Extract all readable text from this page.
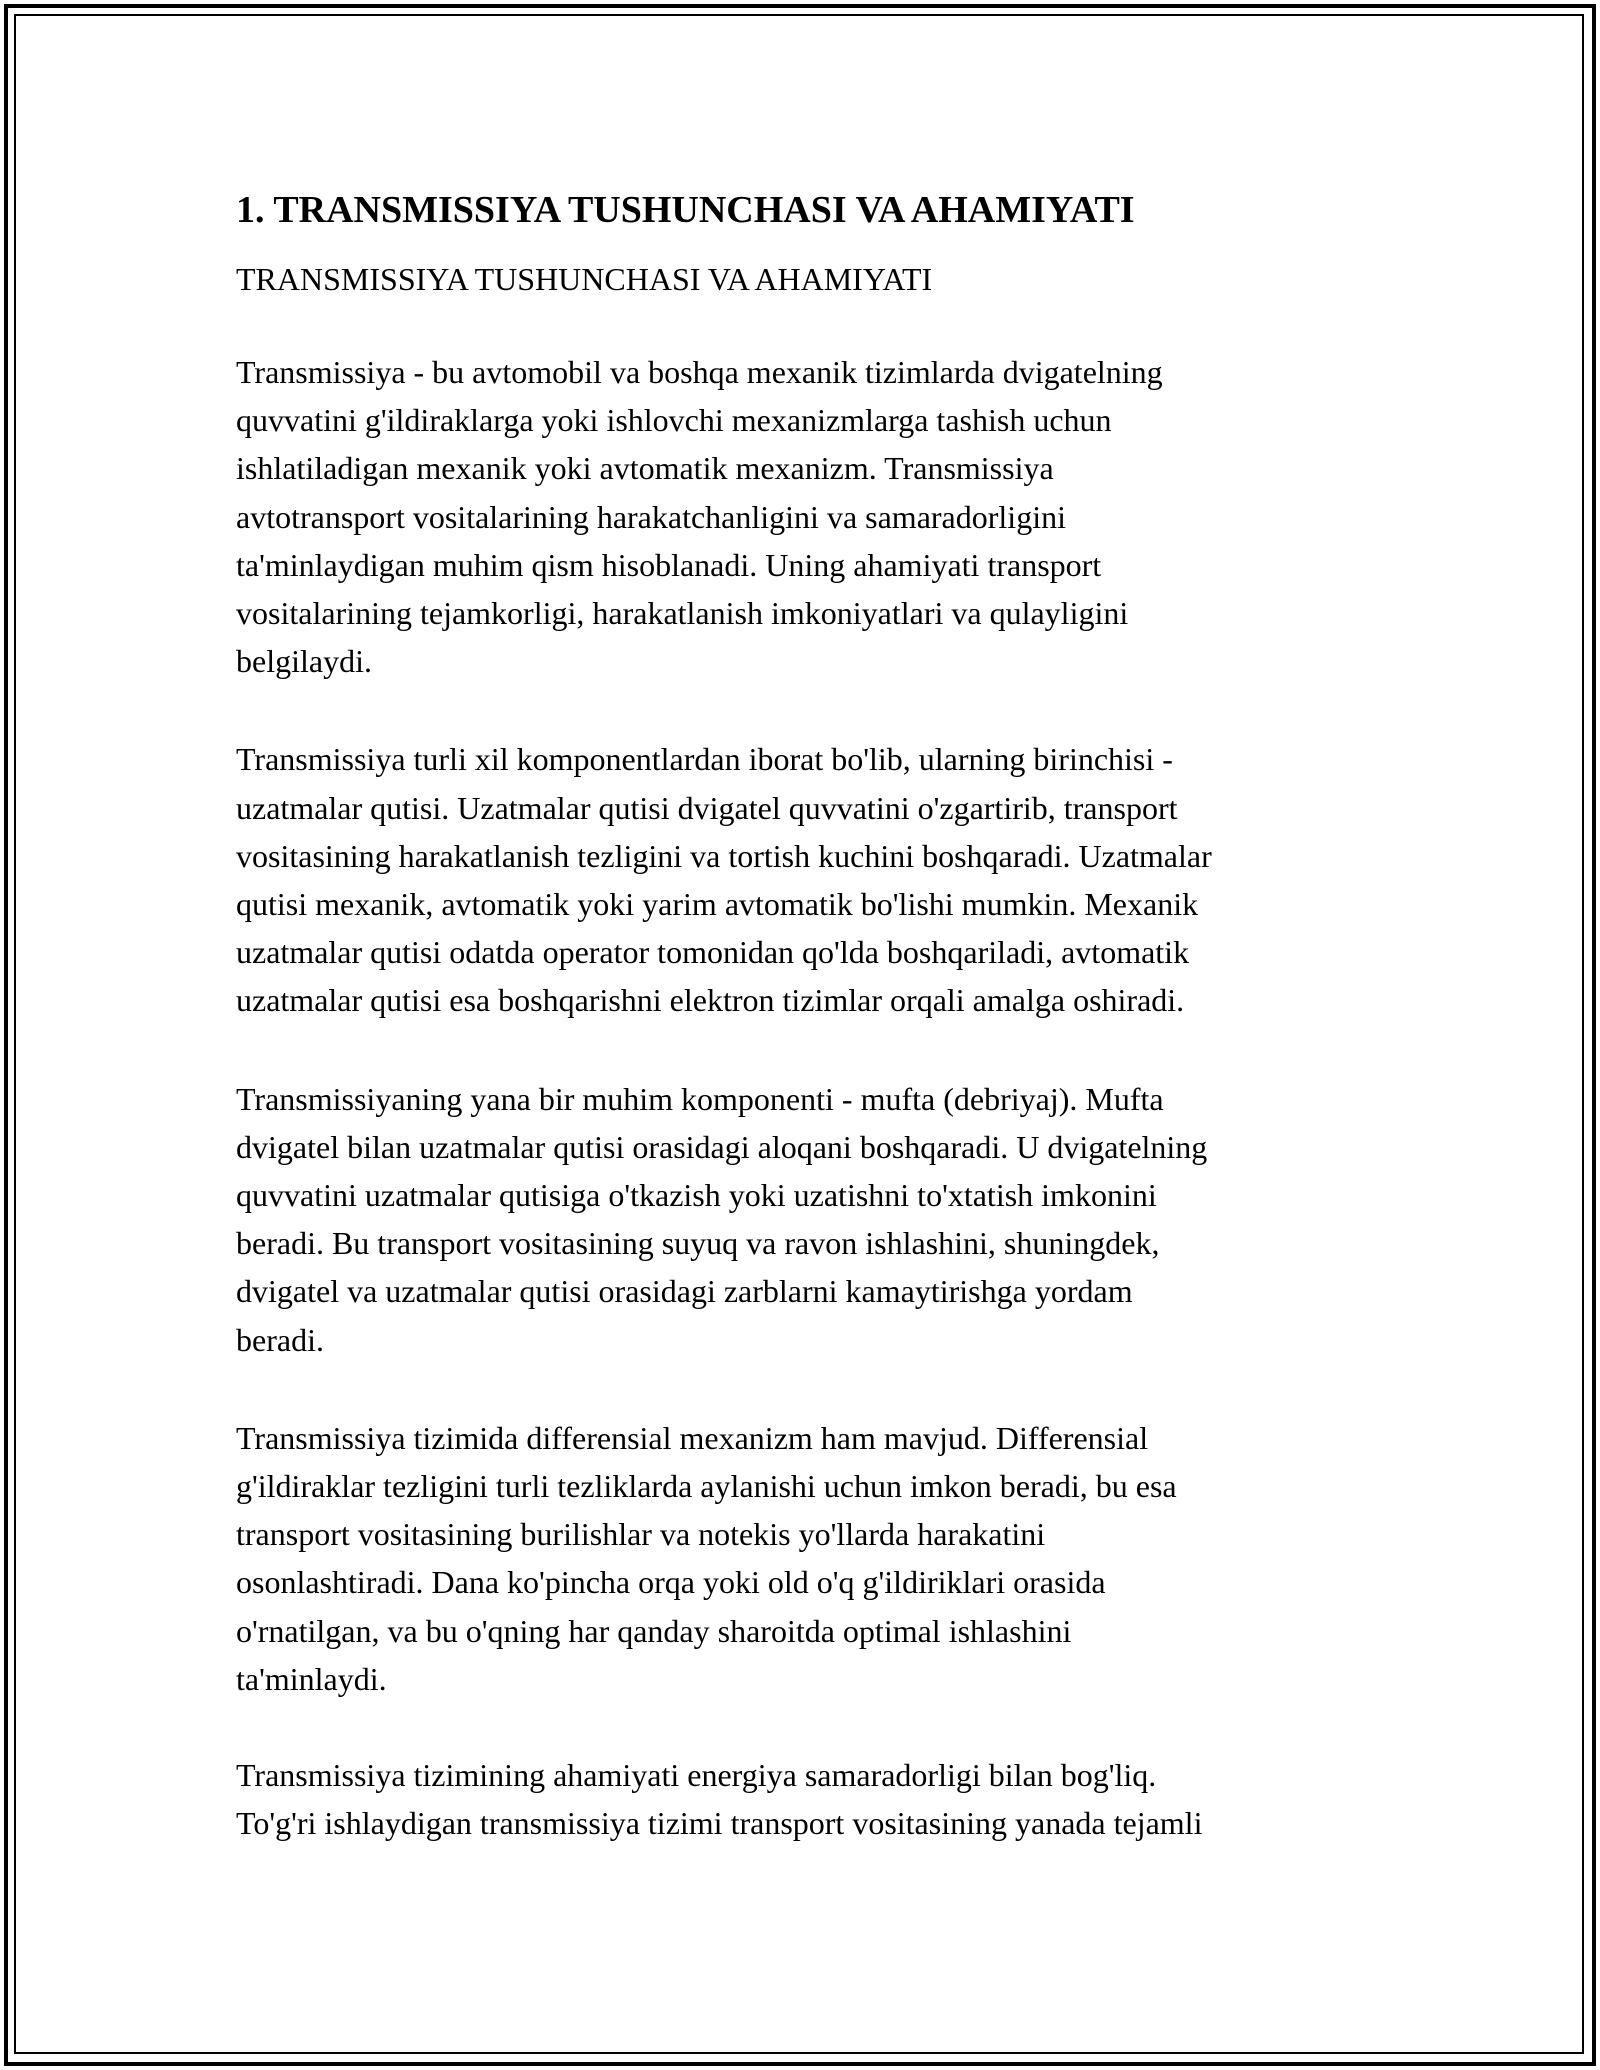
1. TRANSMISSIYA TUSHUNCHASI VA AHAMIYATI
TRANSMISSIYA TUSHUNCHASI VA AHAMIYATI

Transmissiya - bu avtomobil va boshqa mexanik tizimlarda dvigatelning
quvvatini g'ildiraklarga yoki ishlovchi mexanizmlarga tashish uchun
ishlatiladigan mexanik yoki avtomatik mexanizm. Transmissiya
avtotransport vositalarining harakatchanligini va samaradorligini
ta'minlaydigan muhim qism hisoblanadi. Uning ahamiyati transport
vositalarining tejamkorligi, harakatlanish imkoniyatlari va qulayligini
belgilaydi.

Transmissiya turli xil komponentlardan iborat bo'lib, ularning birinchisi -
uzatmalar qutisi. Uzatmalar qutisi dvigatel quvvatini o'zgartirib, transport
vositasining harakatlanish tezligini va tortish kuchini boshqaradi. Uzatmalar
qutisi mexanik, avtomatik yoki yarim avtomatik bo'lishi mumkin. Mexanik
uzatmalar qutisi odatda operator tomonidan qo'lda boshqariladi, avtomatik
uzatmalar qutisi esa boshqarishni elektron tizimlar orqali amalga oshiradi.

Transmissiyaning yana bir muhim komponenti - mufta (debriyaj). Mufta
dvigatel bilan uzatmalar qutisi orasidagi aloqani boshqaradi. U dvigatelning
quvvatini uzatmalar qutisiga o'tkazish yoki uzatishni to'xtatish imkonini
beradi. Bu transport vositasining suyuq va ravon ishlashini, shuningdek,
dvigatel va uzatmalar qutisi orasidagi zarblarni kamaytirishga yordam
beradi.

Transmissiya tizimida differensial mexanizm ham mavjud. Differensial
g'ildiraklar tezligini turli tezliklarda aylanishi uchun imkon beradi, bu esa
transport vositasining burilishlar va notekis yo'llarda harakatini
osonlashtiradi. Dana ko'pincha orqa yoki old o'q g'ildiriklari orasida
o'rnatilgan, va bu o'qning har qanday sharoitda optimal ishlashini
ta'minlaydi.

Transmissiya tizimining ahamiyati energiya samaradorligi bilan bog'liq.
To'g'ri ishlaydigan transmissiya tizimi transport vositasining yanada tejamli
